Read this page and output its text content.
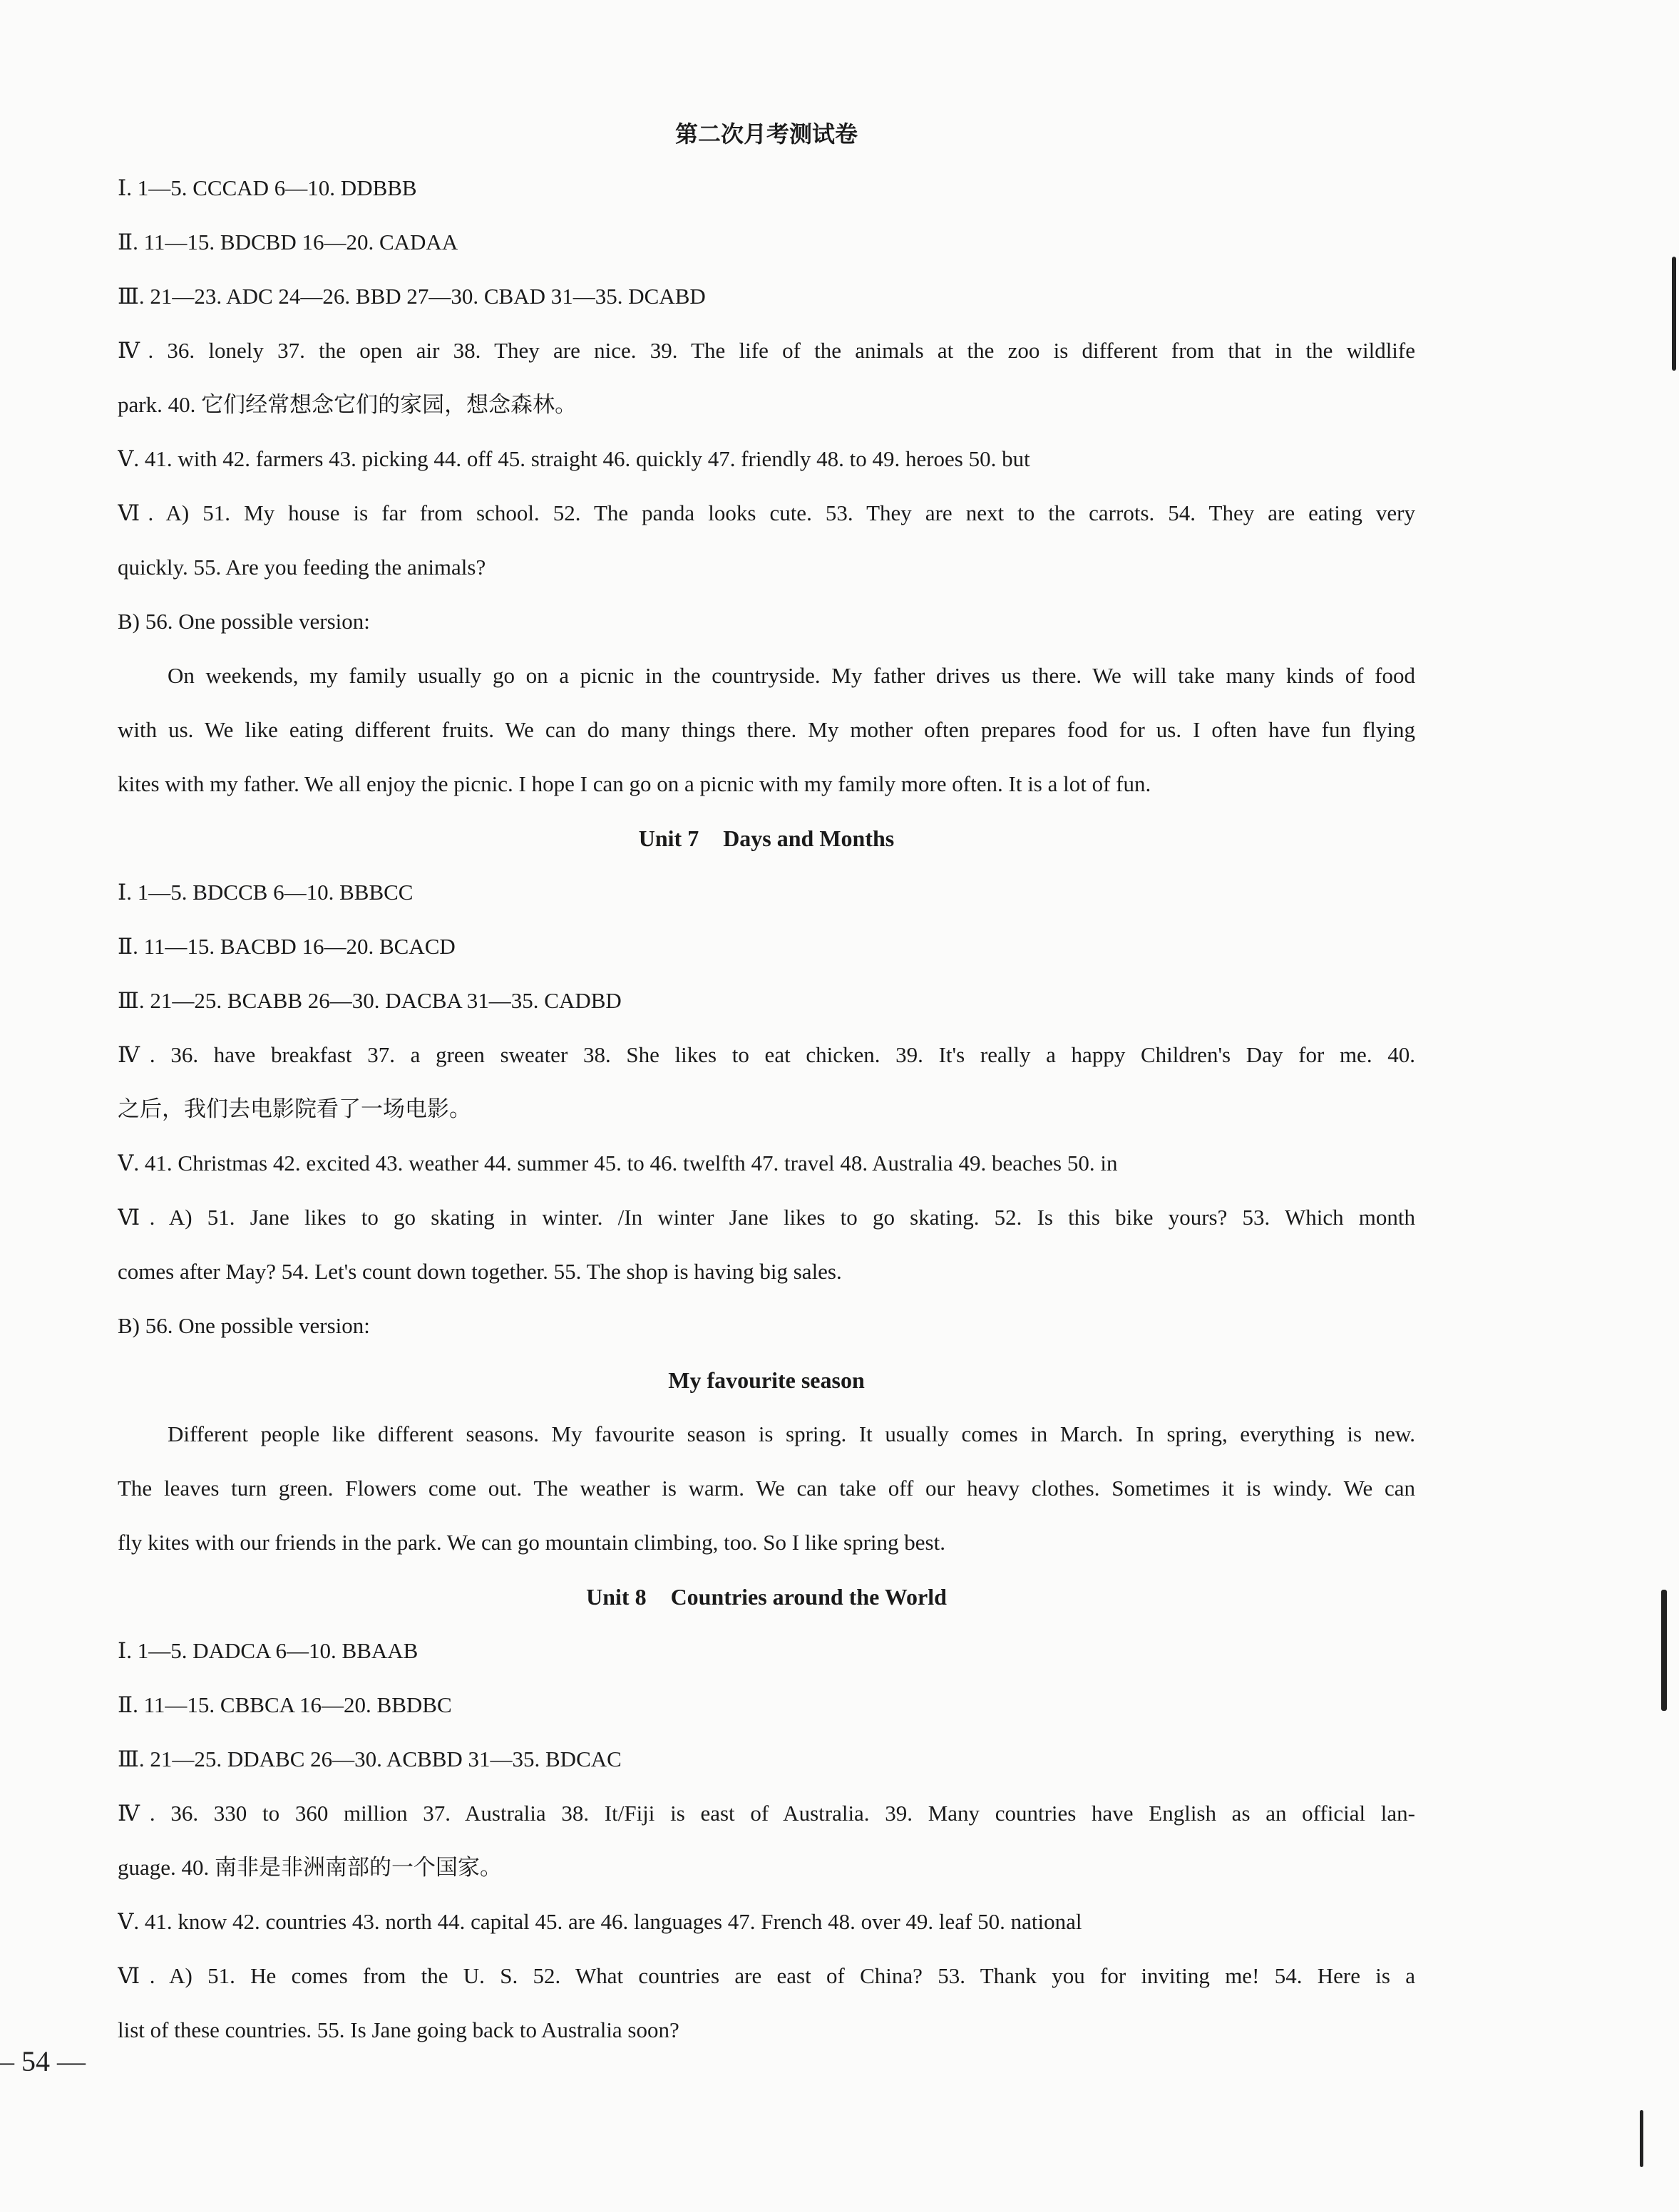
第二次月考测试卷
Ⅰ. 1—5. CCCAD 6—10. DDBBB
Ⅱ. 11—15. BDCBD 16—20. CADAA
Ⅲ. 21—23. ADC 24—26. BBD 27—30. CBAD 31—35. DCABD
Ⅳ. 36. lonely 37. the open air 38. They are nice. 39. The life of the animals at the zoo is different from that in the wildlife
park. 40. 它们经常想念它们的家园，想念森林。
Ⅴ. 41. with 42. farmers 43. picking 44. off 45. straight 46. quickly 47. friendly 48. to 49. heroes 50. but
Ⅵ. A) 51. My house is far from school. 52. The panda looks cute. 53. They are next to the carrots. 54. They are eating very
quickly. 55. Are you feeding the animals?
B) 56. One possible version:
On weekends, my family usually go on a picnic in the countryside. My father drives us there. We will take many kinds of food
with us. We like eating different fruits. We can do many things there. My mother often prepares food for us. I often have fun flying
kites with my father. We all enjoy the picnic. I hope I can go on a picnic with my family more often. It is a lot of fun.
Unit 7 Days and Months
Ⅰ. 1—5. BDCCB 6—10. BBBCC
Ⅱ. 11—15. BACBD 16—20. BCACD
Ⅲ. 21—25. BCABB 26—30. DACBA 31—35. CADBD
Ⅳ. 36. have breakfast 37. a green sweater 38. She likes to eat chicken. 39. It's really a happy Children's Day for me. 40.
之后，我们去电影院看了一场电影。
Ⅴ. 41. Christmas 42. excited 43. weather 44. summer 45. to 46. twelfth 47. travel 48. Australia 49. beaches 50. in
Ⅵ. A) 51. Jane likes to go skating in winter. /In winter Jane likes to go skating. 52. Is this bike yours? 53. Which month
comes after May? 54. Let's count down together. 55. The shop is having big sales.
B) 56. One possible version:
My favourite season
Different people like different seasons. My favourite season is spring. It usually comes in March. In spring, everything is new.
The leaves turn green. Flowers come out. The weather is warm. We can take off our heavy clothes. Sometimes it is windy. We can
fly kites with our friends in the park. We can go mountain climbing, too. So I like spring best.
Unit 8 Countries around the World
Ⅰ. 1—5. DADCA 6—10. BBAAB
Ⅱ. 11—15. CBBCA 16—20. BBDBC
Ⅲ. 21—25. DDABC 26—30. ACBBD 31—35. BDCAC
Ⅳ. 36. 330 to 360 million 37. Australia 38. It/Fiji is east of Australia. 39. Many countries have English as an official lan-
guage. 40. 南非是非洲南部的一个国家。
Ⅴ. 41. know 42. countries 43. north 44. capital 45. are 46. languages 47. French 48. over 49. leaf 50. national
Ⅵ. A) 51. He comes from the U. S. 52. What countries are east of China? 53. Thank you for inviting me! 54. Here is a
list of these countries. 55. Is Jane going back to Australia soon?
– 54 —
